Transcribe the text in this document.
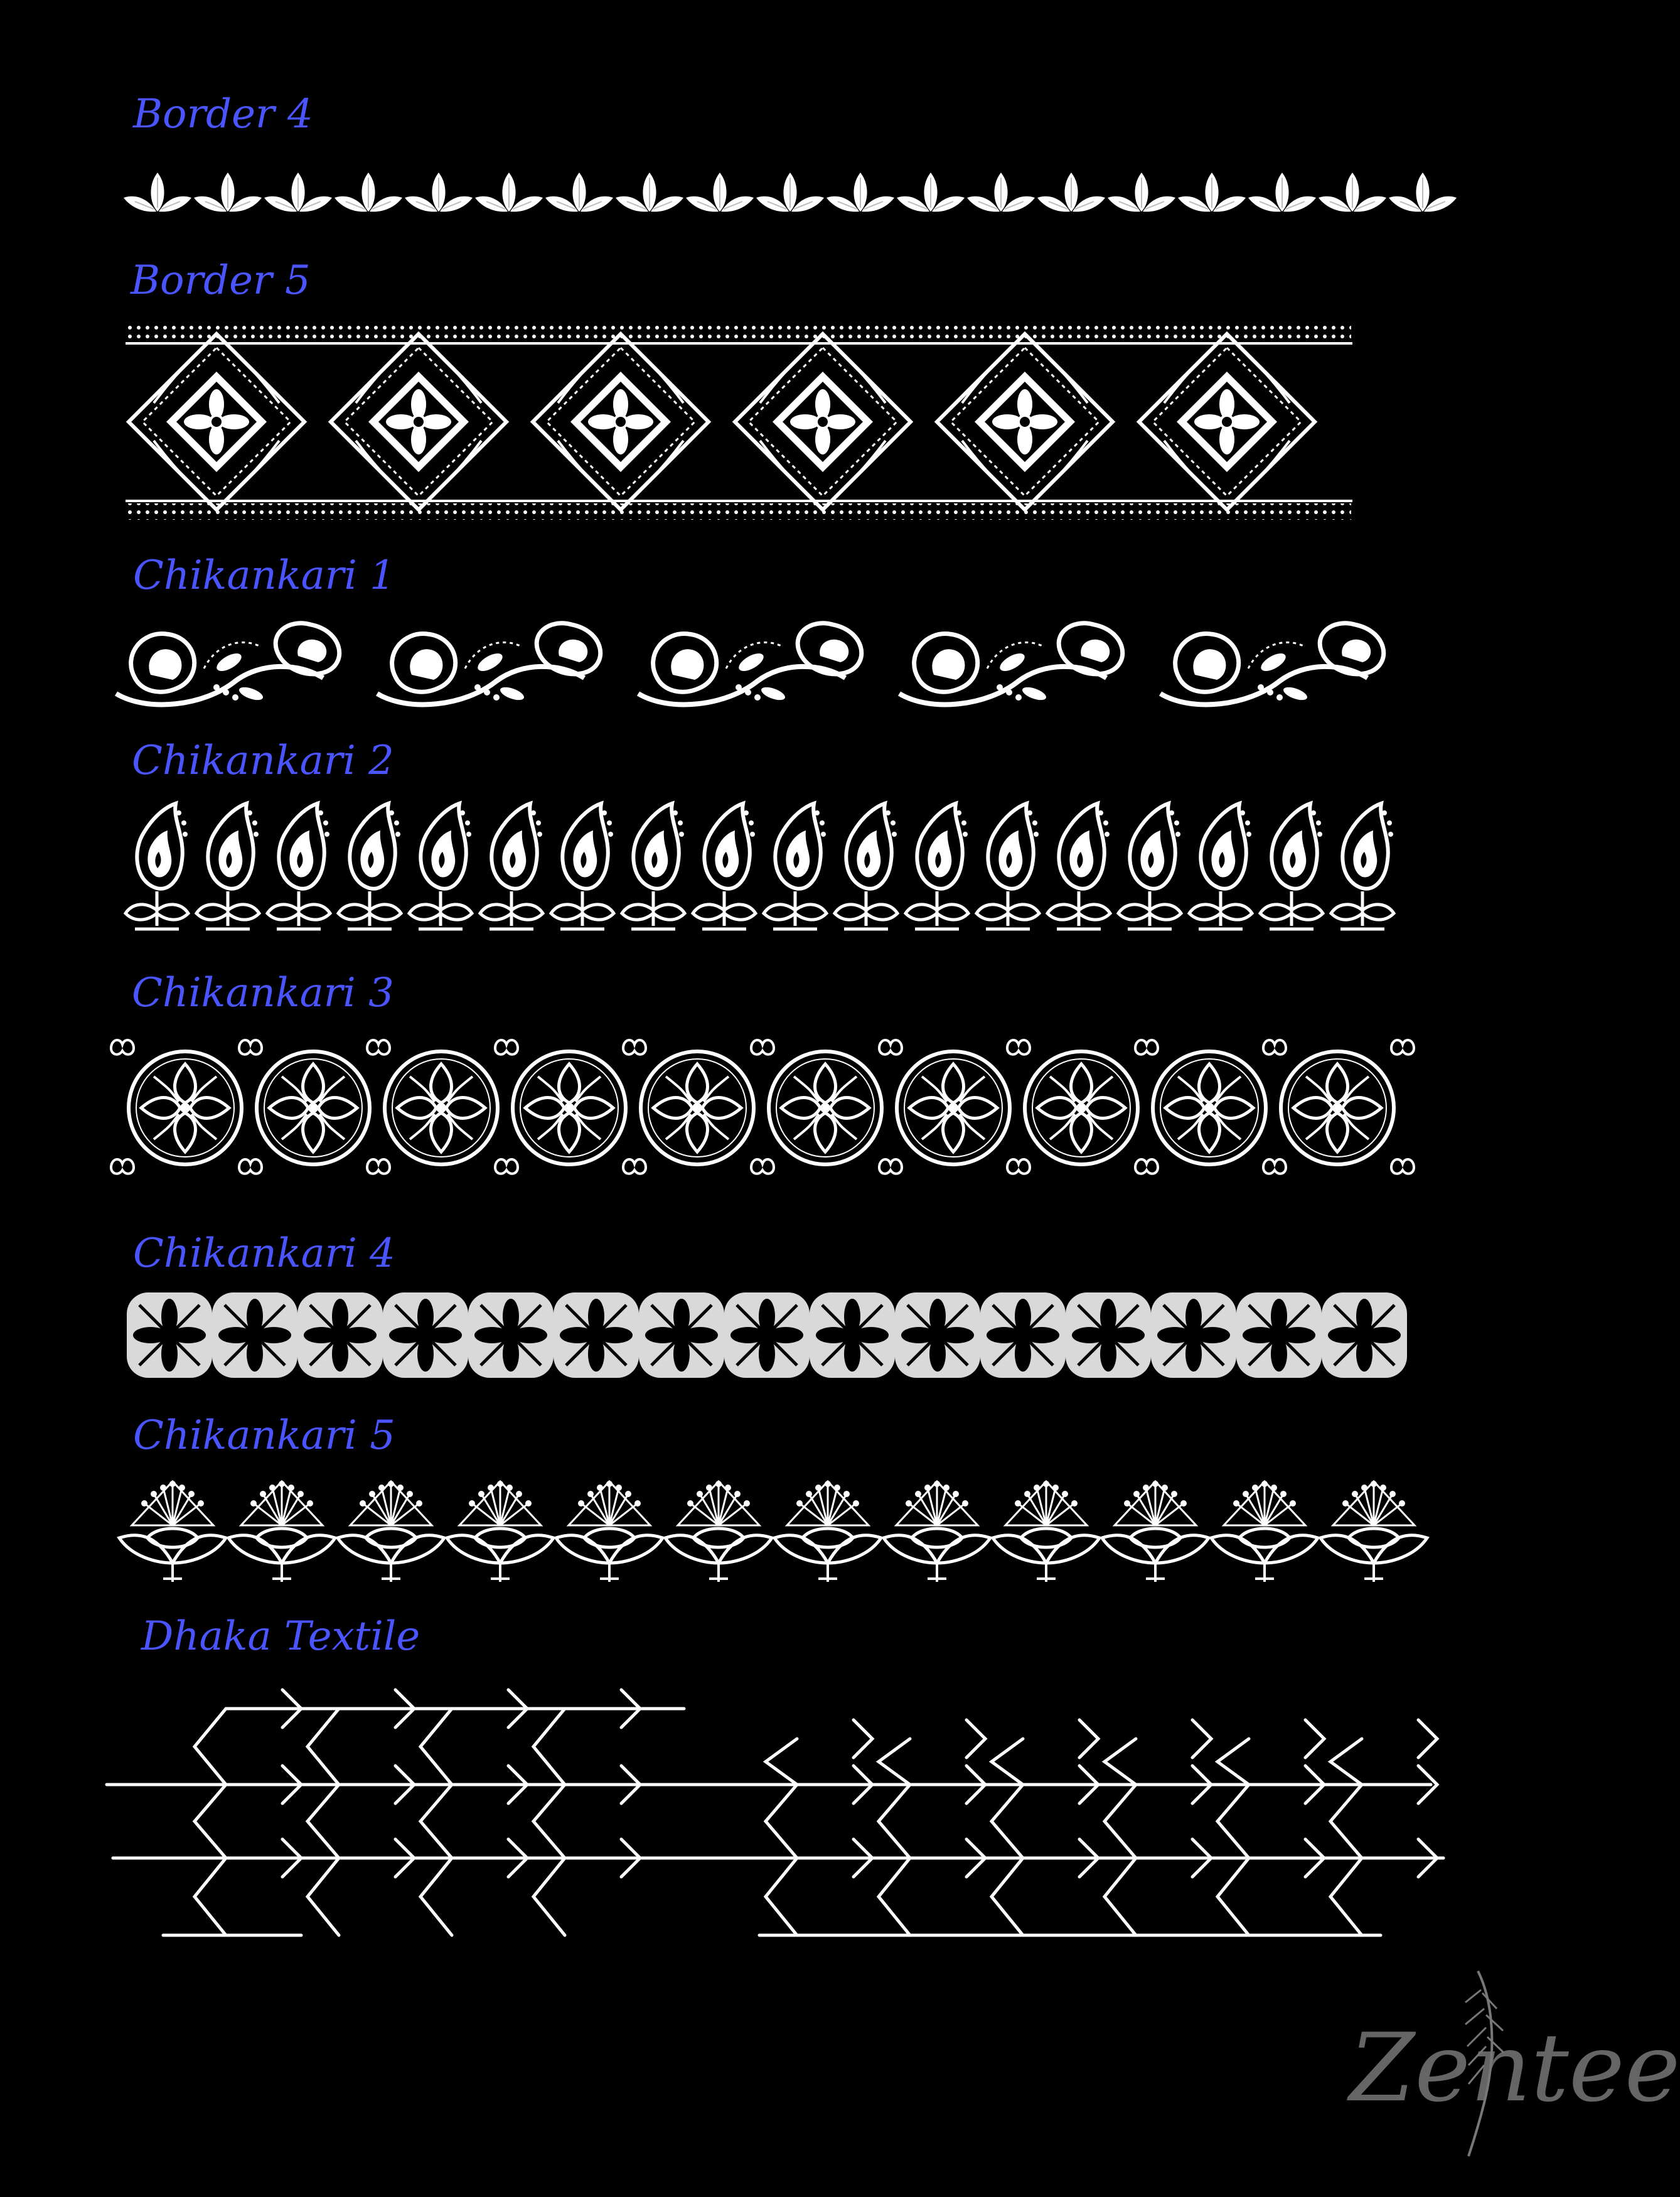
Border 4
Border 5
Chikankari 1
Chikankari 2
Chikankari 3
Chikankari 4
Chikankari 5
Dhaka Textile
Zentee
